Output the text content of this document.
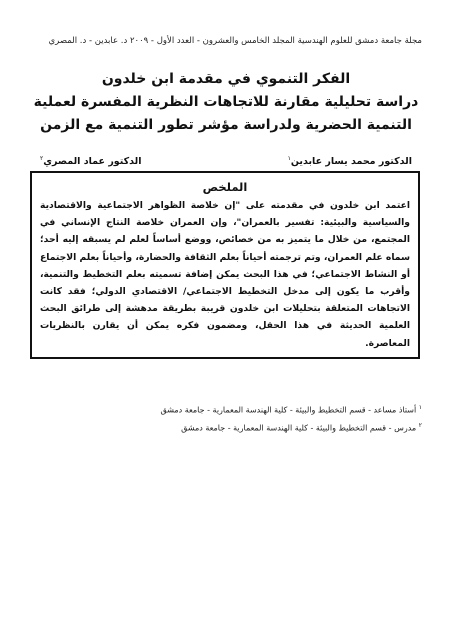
مجلة جامعة دمشق للعلوم الهندسية المجلد الخامس والعشرون - العدد الأول - ٢٠٠٩ د. عابدين - د. المصري
الفكر التنموي في مقدمة ابن خلدون
دراسة تحليلية مقارنة للاتجاهات النظرية المفسرة لعملية
التنمية الحضرية ولدراسة مؤشر تطور التنمية مع الزمن
الدكتور محمد يسار عابدين$^١$
الدكتور عماد المصري$^٢$
الملخص
اعتمد ابن خلدون في مقدمته على "إن خلاصة الظواهر الاجتماعية والاقتصادية والسياسية والبيئية: تفسير بالعمران"، وإن العمران خلاصة النتاج الإنساني في المجتمع، من خلال ما يتميز به من خصائص، ووضع أساساً لعلم لم يسبقه إليه أحد؛ سماه علم العمران، وتم ترجمته أحياناً بعلم الثقافة والحضارة، وأحياناً بعلم الاجتماع أو النشاط الاجتماعي؛ في هذا البحث يمكن إضافة تسميته بعلم التخطيط والتنمية، وأقرب ما يكون إلى مدخل التخطيط الاجتماعي/ الاقتصادي الدولي؛ فقد كانت الاتجاهات المتعلقة بتحليلات ابن خلدون قريبة بطريقة مدهشة إلى طرائق البحث العلمية الحديثة في هذا الحقل، ومضمون فكره يمكن أن يقارن بالنظريات المعاصرة.
$^١$ أستاذ مساعد - قسم التخطيط والبيئة - كلية الهندسة المعمارية - جامعة دمشق
$^٢$ مدرس - قسم التخطيط والبيئة - كلية الهندسة المعمارية - جامعة دمشق
